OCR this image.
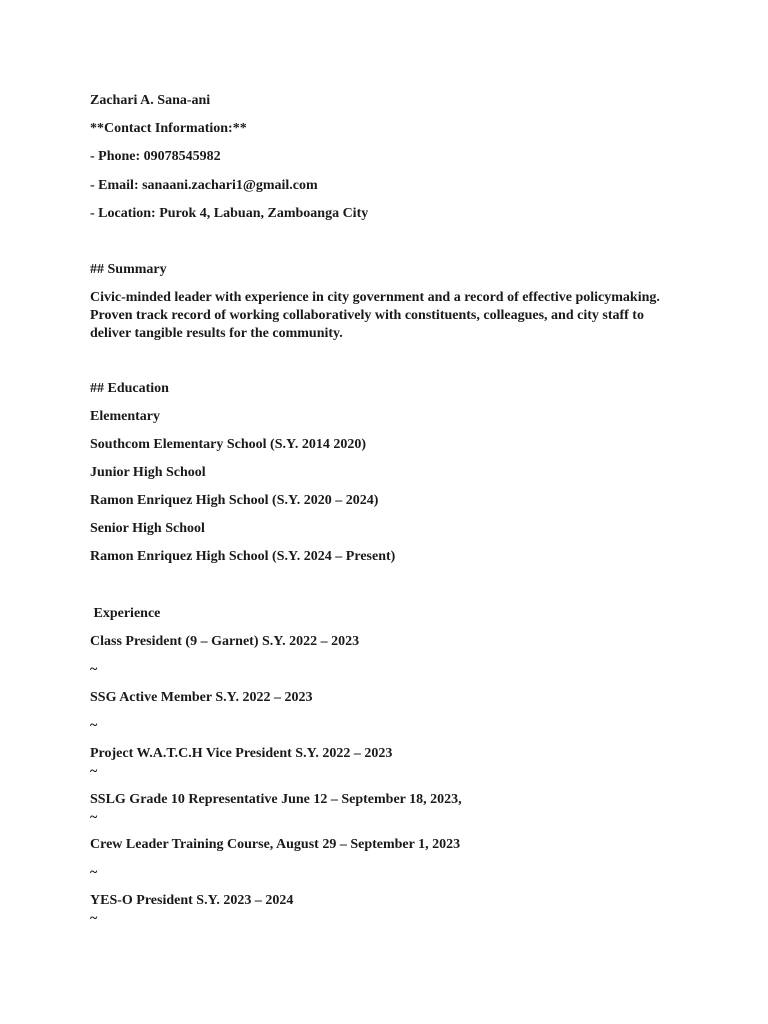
Zachari A. Sana-ani

**Contact Information:**

- Phone: 09078545982

- Email: sanaani.zachari1@gmail.com

- Location: Purok 4, Labuan, Zamboanga City

## Summary

Civic-minded leader with experience in city government and a record of effective policymaking. Proven track record of working collaboratively with constituents, colleagues, and city staff to deliver tangible results for the community.

## Education

Elementary

Southcom Elementary School (S.Y. 2014 2020)

Junior High School

Ramon Enriquez High School (S.Y. 2020 – 2024)

Senior High School

Ramon Enriquez High School (S.Y. 2024 – Present)

Experience

Class President (9 – Garnet) S.Y. 2022 – 2023

~

SSG Active Member S.Y. 2022 – 2023

~

Project W.A.T.C.H Vice President S.Y. 2022 – 2023

~

SSLG Grade 10 Representative June 12 – September 18, 2023,

~

Crew Leader Training Course, August 29 – September 1, 2023

~

YES-O President S.Y. 2023 – 2024

~
